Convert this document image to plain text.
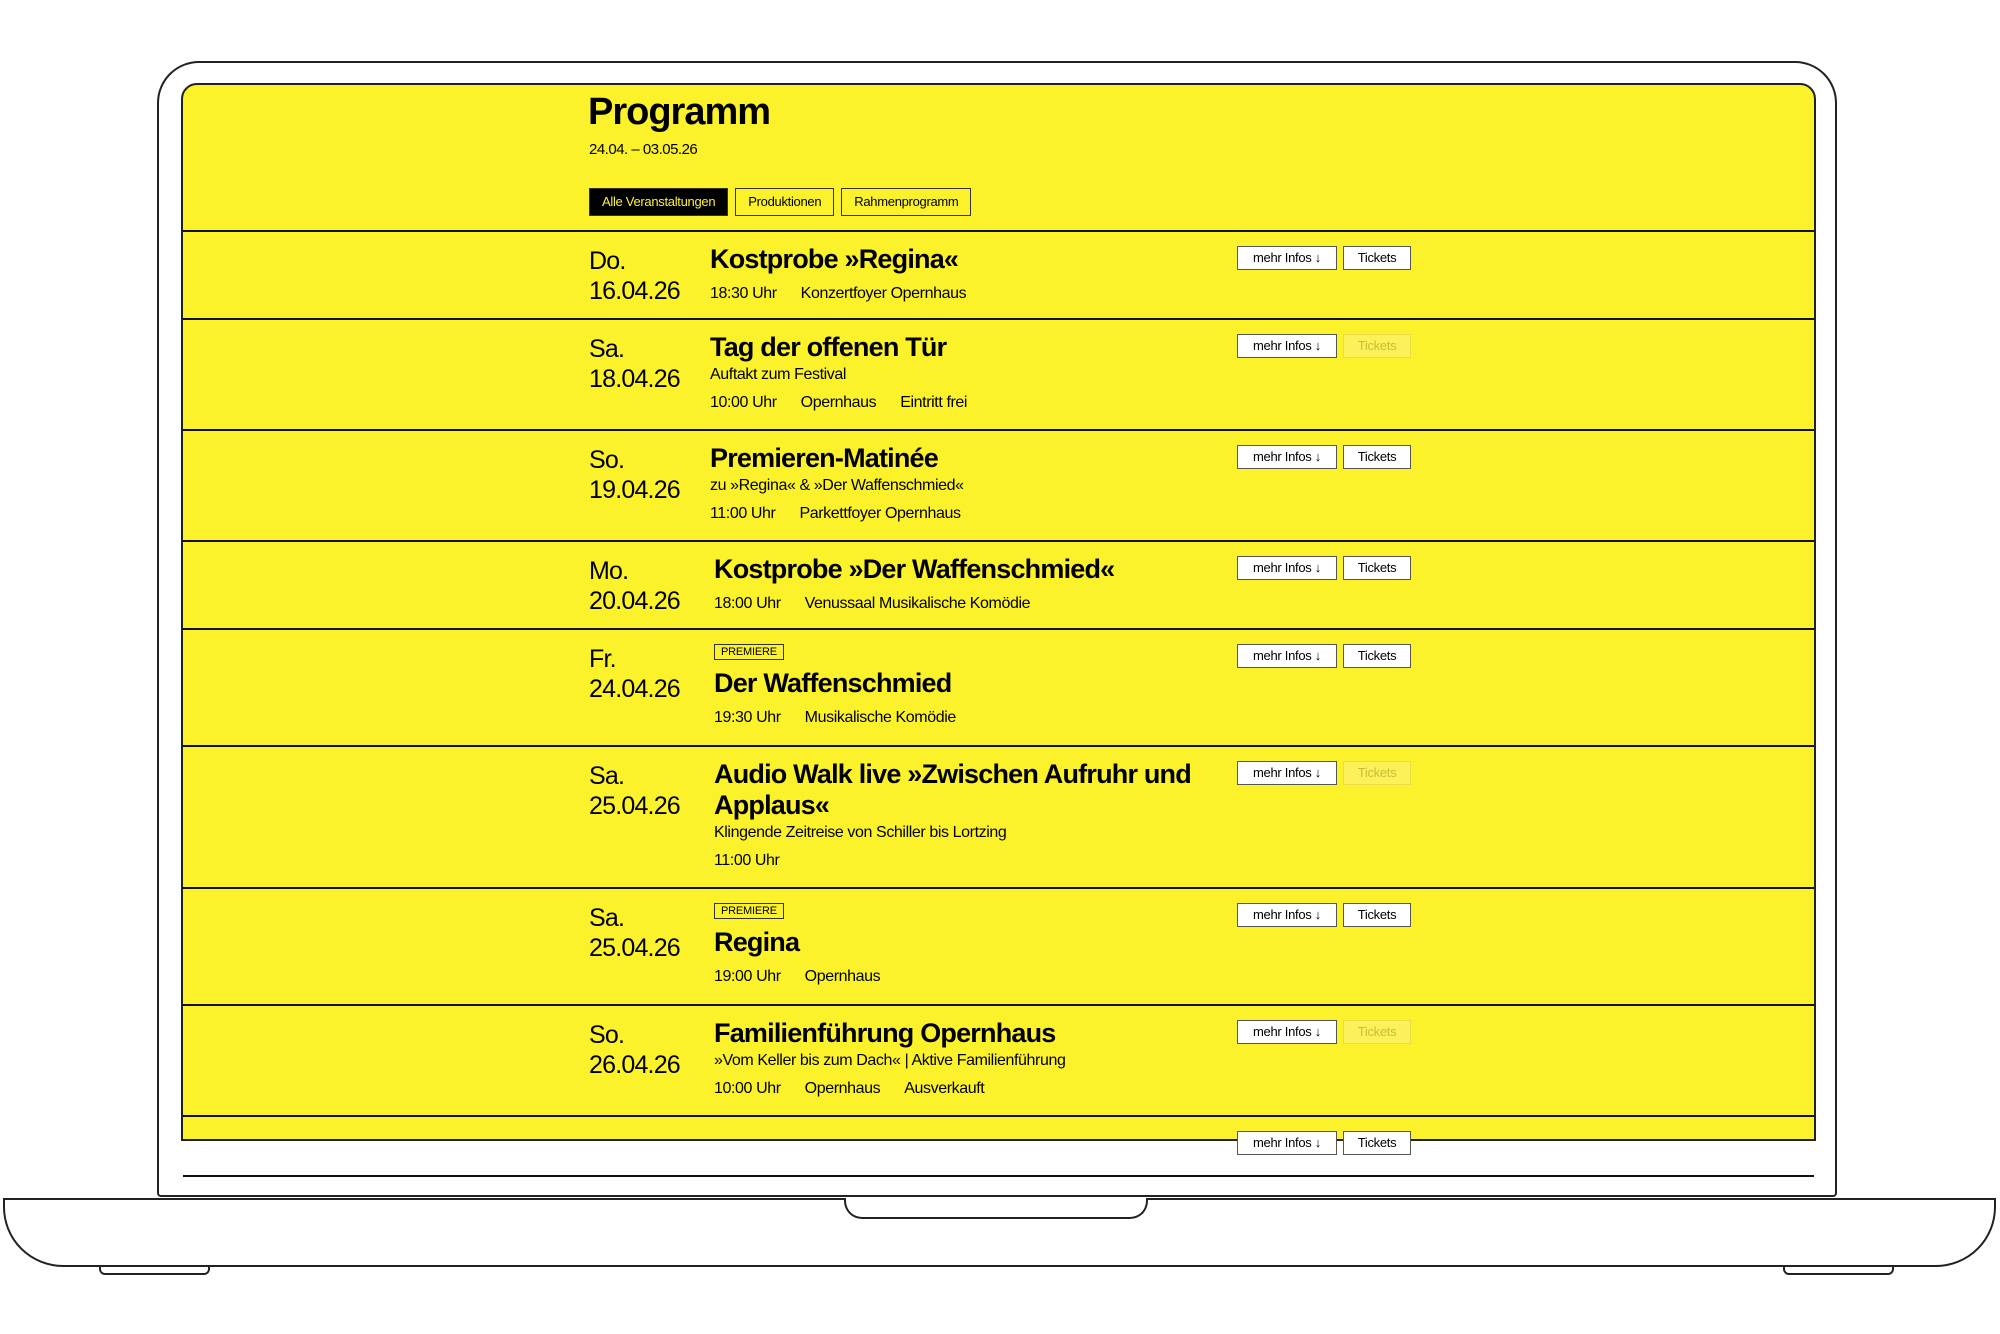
Programm
24.04. – 03.05.26
Alle Veranstaltungen	Produktionen	Rahmenprogramm
Do.
16.04.26
Kostprobe »Regina«
18:30 Uhr Konzertfoyer Opernhaus
mehr Infos ↓	Tickets
Sa.
18.04.26
Tag der offenen Tür
Auftakt zum Festival
10:00 Uhr Opernhaus Eintritt frei
mehr Infos ↓	Tickets
So.
19.04.26
Premieren-Matinée
zu »Regina« & »Der Waffenschmied«
11:00 Uhr Parkettfoyer Opernhaus
mehr Infos ↓	Tickets
Mo.
20.04.26
Kostprobe »Der Waffenschmied«
18:00 Uhr Venussaal Musikalische Komödie
mehr Infos ↓	Tickets
Fr.
24.04.26
PREMIERE
Der Waffenschmied
19:30 Uhr Musikalische Komödie
mehr Infos ↓	Tickets
Sa.
25.04.26
Audio Walk live »Zwischen Aufruhr und Applaus«
Klingende Zeitreise von Schiller bis Lortzing
11:00 Uhr
mehr Infos ↓	Tickets
Sa.
25.04.26
PREMIERE
Regina
19:00 Uhr Opernhaus
mehr Infos ↓	Tickets
So.
26.04.26
Familienführung Opernhaus
»Vom Keller bis zum Dach« | Aktive Familienführung
10:00 Uhr Opernhaus Ausverkauft
mehr Infos ↓	Tickets
mehr Infos ↓	Tickets
